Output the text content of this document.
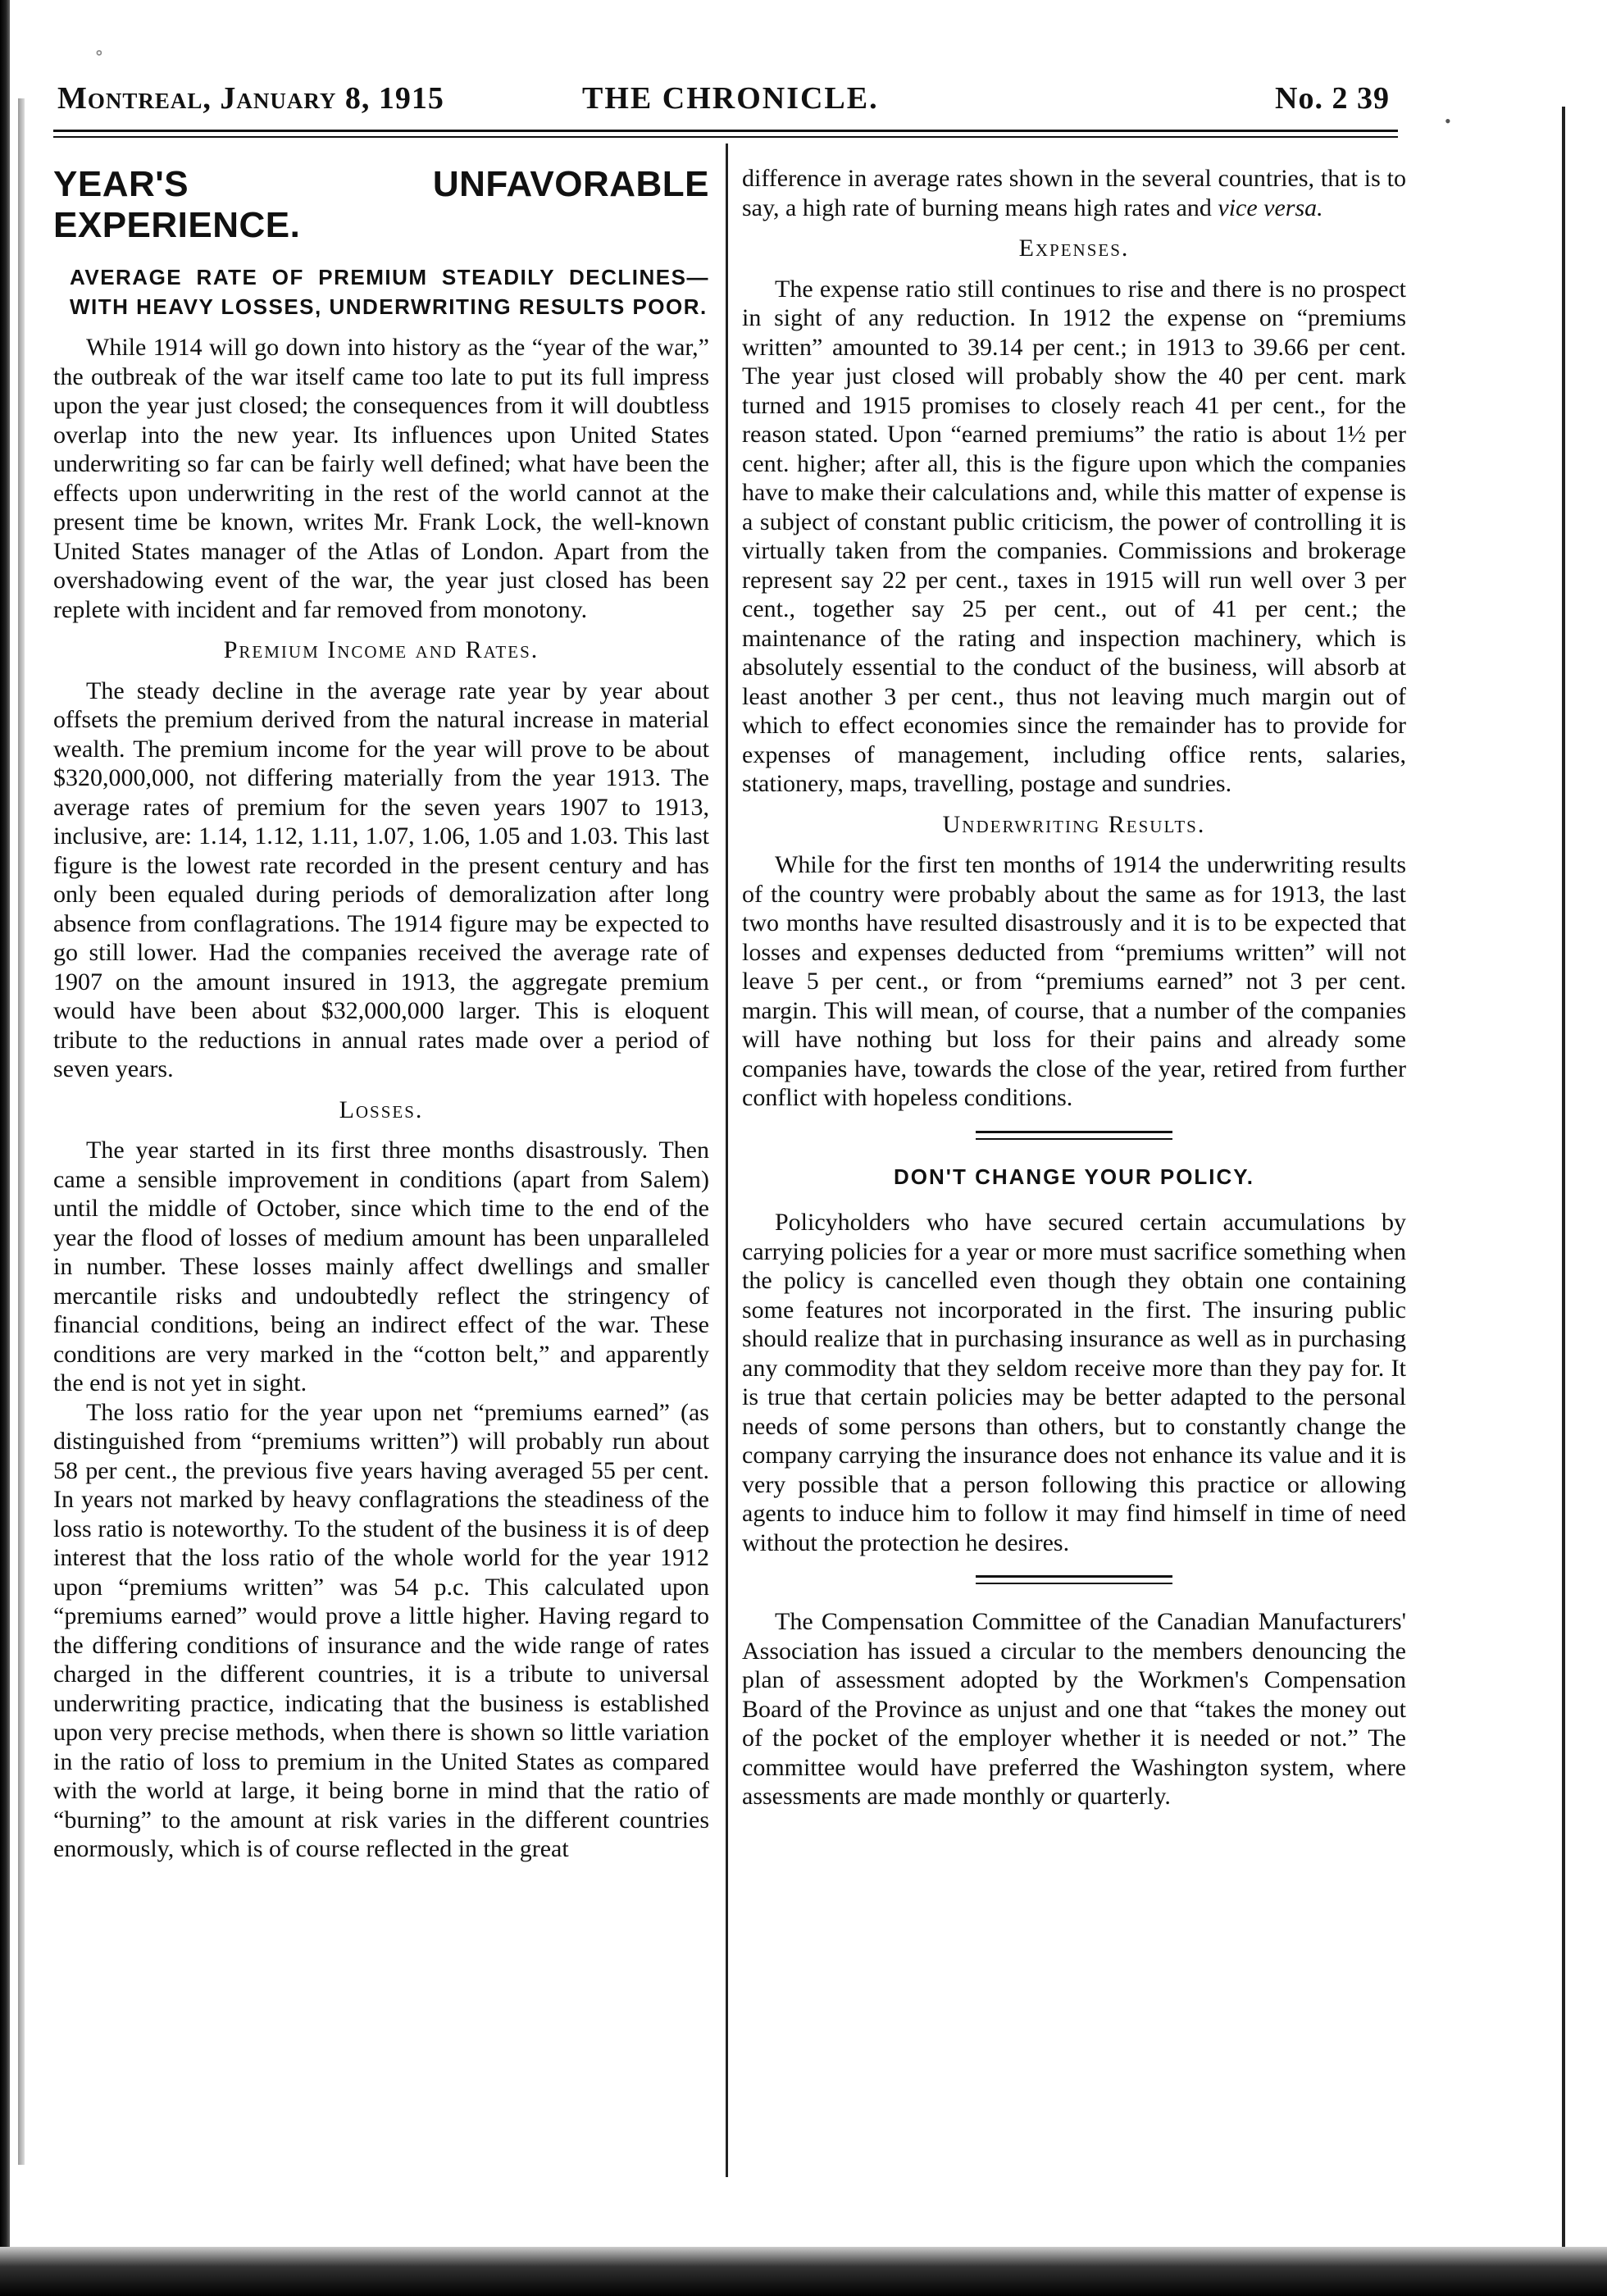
∘
•
Montreal, January 8, 1915	THE CHRONICLE.	No. 2 39
YEAR'S UNFAVORABLE EXPERIENCE.
AVERAGE RATE OF PREMIUM STEADILY DECLINES—WITH HEAVY LOSSES, UNDERWRITING RESULTS POOR.

While 1914 will go down into history as the “year of the war,” the outbreak of the war itself came too late to put its full impress upon the year just closed; the consequences from it will doubtless overlap into the new year. Its influences upon United States underwriting so far can be fairly well defined; what have been the effects upon underwriting in the rest of the world cannot at the present time be known, writes Mr. Frank Lock, the well-known United States manager of the Atlas of London. Apart from the overshadowing event of the war, the year just closed has been replete with incident and far removed from monotony.

Premium Income and Rates.

The steady decline in the average rate year by year about offsets the premium derived from the natural increase in material wealth. The premium income for the year will prove to be about $320,000,000, not differing materially from the year 1913. The average rates of premium for the seven years 1907 to 1913, inclusive, are: 1.14, 1.12, 1.11, 1.07, 1.06, 1.05 and 1.03. This last figure is the lowest rate recorded in the present century and has only been equaled during periods of demoralization after long absence from conflagrations. The 1914 figure may be expected to go still lower. Had the companies received the average rate of 1907 on the amount insured in 1913, the aggregate premium would have been about $32,000,000 larger. This is eloquent tribute to the reductions in annual rates made over a period of seven years.

Losses.

The year started in its first three months disastrously. Then came a sensible improvement in conditions (apart from Salem) until the middle of October, since which time to the end of the year the flood of losses of medium amount has been unparalleled in number. These losses mainly affect dwellings and smaller mercantile risks and undoubtedly reflect the stringency of financial conditions, being an indirect effect of the war. These conditions are very marked in the “cotton belt,” and apparently the end is not yet in sight.

The loss ratio for the year upon net “premiums earned” (as distinguished from “premiums written”) will probably run about 58 per cent., the previous five years having averaged 55 per cent. In years not marked by heavy conflagrations the steadiness of the loss ratio is noteworthy. To the student of the business it is of deep interest that the loss ratio of the whole world for the year 1912 upon “premiums written” was 54 p.c. This calculated upon “premiums earned” would prove a little higher. Having regard to the differing conditions of insurance and the wide range of rates charged in the different countries, it is a tribute to universal underwriting practice, indicating that the business is established upon very precise methods, when there is shown so little variation in the ratio of loss to premium in the United States as compared with the world at large, it being borne in mind that the ratio of “burning” to the amount at risk varies in the different countries enormously, which is of course reflected in the great

difference in average rates shown in the several countries, that is to say, a high rate of burning means high rates and vice versa.

Expenses.

The expense ratio still continues to rise and there is no prospect in sight of any reduction. In 1912 the expense on “premiums written” amounted to 39.14 per cent.; in 1913 to 39.66 per cent. The year just closed will probably show the 40 per cent. mark turned and 1915 promises to closely reach 41 per cent., for the reason stated. Upon “earned premiums” the ratio is about 1½ per cent. higher; after all, this is the figure upon which the companies have to make their calculations and, while this matter of expense is a subject of constant public criticism, the power of controlling it is virtually taken from the companies. Commissions and brokerage represent say 22 per cent., taxes in 1915 will run well over 3 per cent., together say 25 per cent., out of 41 per cent.; the maintenance of the rating and inspection machinery, which is absolutely essential to the conduct of the business, will absorb at least another 3 per cent., thus not leaving much margin out of which to effect economies since the remainder has to provide for expenses of management, including office rents, salaries, stationery, maps, travelling, postage and sundries.

Underwriting Results.

While for the first ten months of 1914 the underwriting results of the country were probably about the same as for 1913, the last two months have resulted disastrously and it is to be expected that losses and expenses deducted from “premiums written” will not leave 5 per cent., or from “premiums earned” not 3 per cent. margin. This will mean, of course, that a number of the companies will have nothing but loss for their pains and already some companies have, towards the close of the year, retired from further conflict with hopeless conditions.

DON'T CHANGE YOUR POLICY.

Policyholders who have secured certain accumulations by carrying policies for a year or more must sacrifice something when the policy is cancelled even though they obtain one containing some features not incorporated in the first. The insuring public should realize that in purchasing insurance as well as in purchasing any commodity that they seldom receive more than they pay for. It is true that certain policies may be better adapted to the personal needs of some persons than others, but to constantly change the company carrying the insurance does not enhance its value and it is very possible that a person following this practice or allowing agents to induce him to follow it may find himself in time of need without the protection he desires.

The Compensation Committee of the Canadian Manufacturers' Association has issued a circular to the members denouncing the plan of assessment adopted by the Workmen's Compensation Board of the Province as unjust and one that “takes the money out of the pocket of the employer whether it is needed or not.” The committee would have preferred the Washington system, where assessments are made monthly or quarterly.
